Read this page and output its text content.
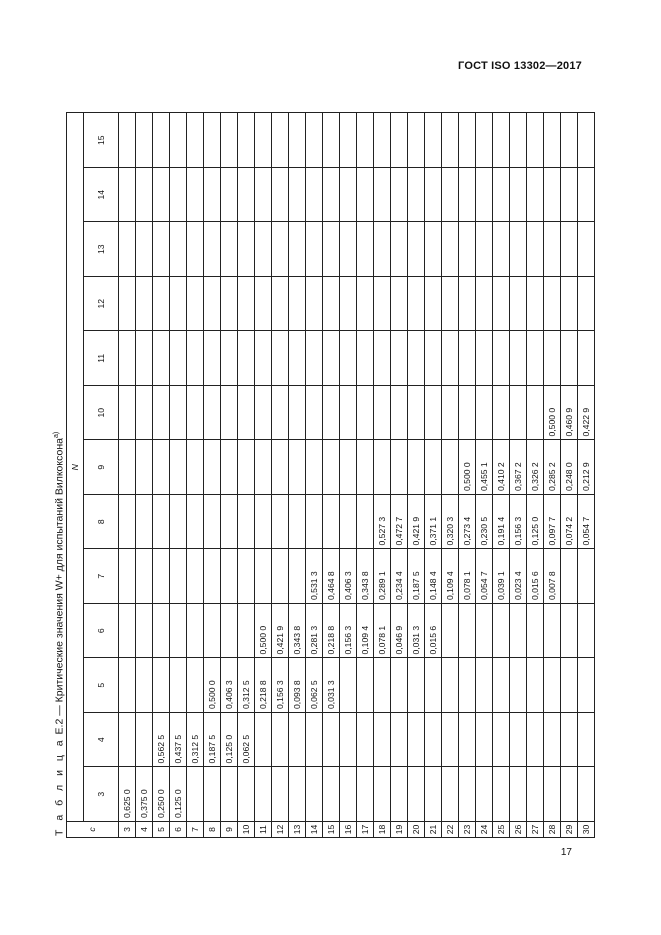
ГОСТ ISO 13302—2017
Т а б л и ц а Е.2 — Критические значения W+ для испытаний Вилкоксона$^{а)}$
c	N												
	3	4	5	6	7	8	9	10	11	12	13	14	15
3	0,625 0												
4	0,375 0												
5	0,250 0	0,562 5											
6	0,125 0	0,437 5											
7		0,312 5											
8		0,187 5	0,500 0										
9		0,125 0	0,406 3										
10		0,062 5	0,312 5										
11			0,218 8	0,500 0									
12			0,156 3	0,421 9									
13			0,093 8	0,343 8									
14			0,062 5	0,281 3	0,531 3								
15			0,031 3	0,218 8	0,464 8								
16				0,156 3	0,406 3								
17				0,109 4	0,343 8								
18				0,078 1	0,289 1	0,527 3							
19				0,046 9	0,234 4	0,472 7							
20				0,031 3	0,187 5	0,421 9							
21				0,015 6	0,148 4	0,371 1							
22					0,109 4	0,320 3							
23					0,078 1	0,273 4	0,500 0						
24					0,054 7	0,230 5	0,455 1						
25					0,039 1	0,191 4	0,410 2						
26					0,023 4	0,156 3	0,367 2						
27					0,015 6	0,125 0	0,326 2						
28					0,007 8	0,097 7	0,285 2	0,500 0					
29						0,074 2	0,248 0	0,460 9					
30						0,054 7	0,212 9	0,422 9					
17
